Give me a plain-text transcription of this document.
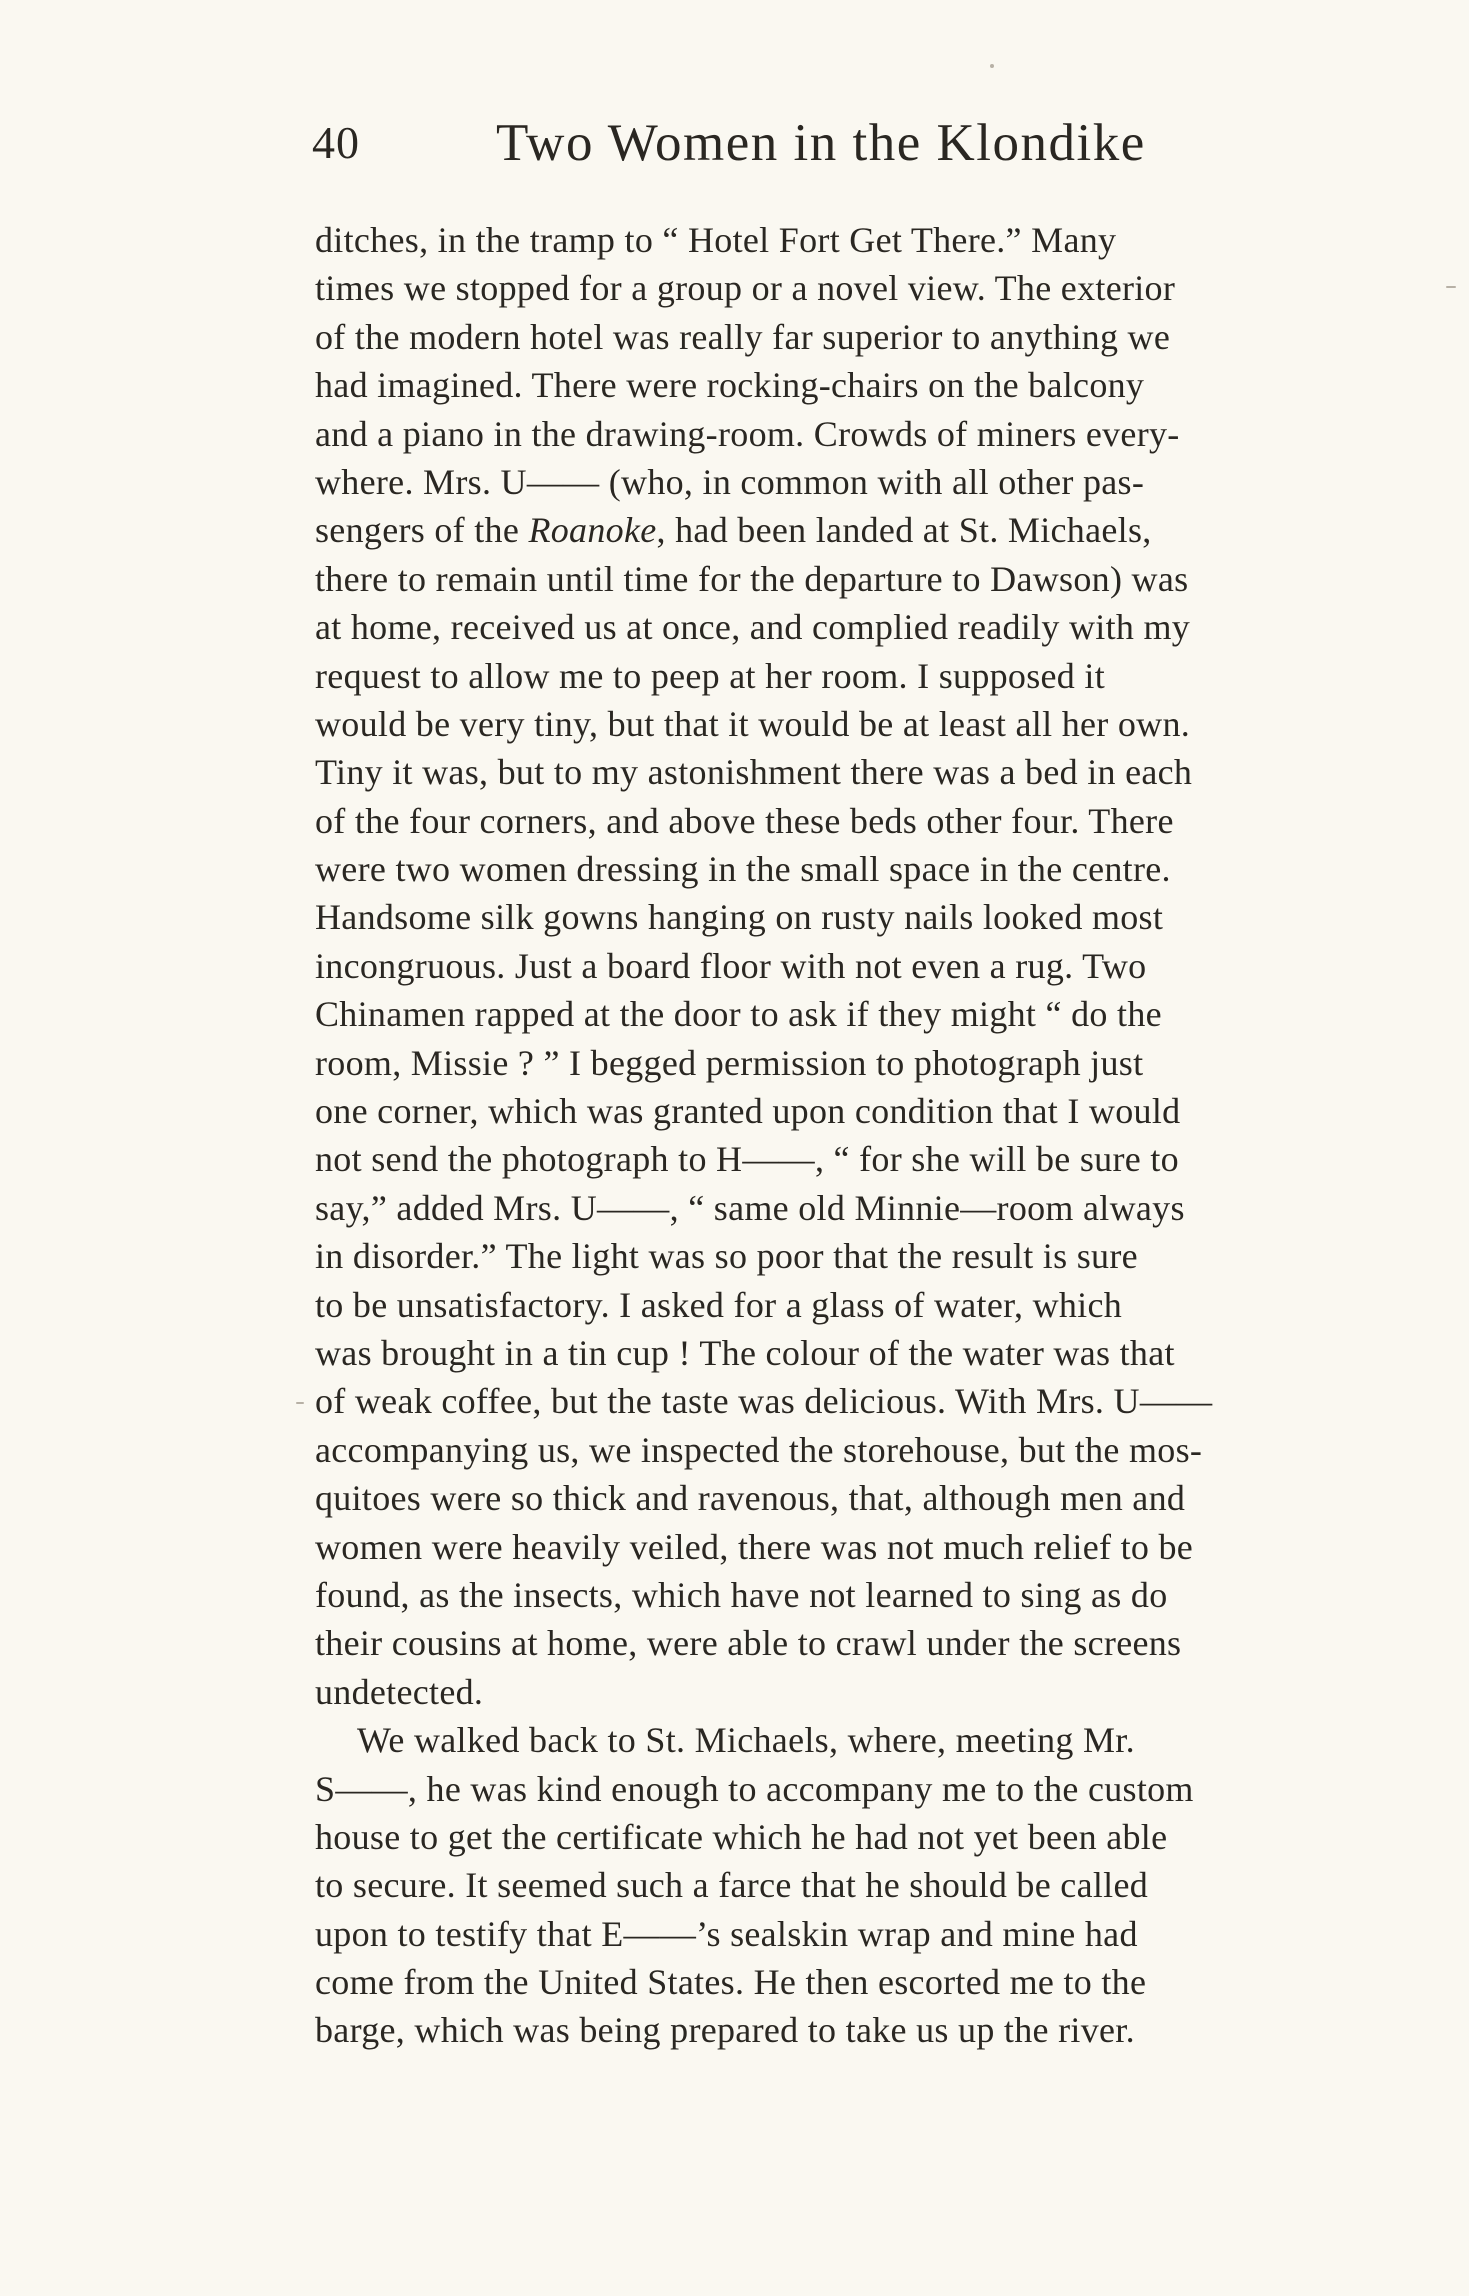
40	Two Women in the Klondike
ditches, in the tramp to “ Hotel Fort Get There.” Many
times we stopped for a group or a novel view. The exterior
of the modern hotel was really far superior to anything we
had imagined. There were rocking-chairs on the balcony
and a piano in the drawing-room. Crowds of miners every-
where. Mrs. U—— (who, in common with all other pas-
sengers of the Roanoke, had been landed at St. Michaels,
there to remain until time for the departure to Dawson) was
at home, received us at once, and complied readily with my
request to allow me to peep at her room. I supposed it
would be very tiny, but that it would be at least all her own.
Tiny it was, but to my astonishment there was a bed in each
of the four corners, and above these beds other four. There
were two women dressing in the small space in the centre.
Handsome silk gowns hanging on rusty nails looked most
incongruous. Just a board floor with not even a rug. Two
Chinamen rapped at the door to ask if they might “ do the
room, Missie ? ” I begged permission to photograph just
one corner, which was granted upon condition that I would
not send the photograph to H——, “ for she will be sure to
say,” added Mrs. U——, “ same old Minnie—room always
in disorder.” The light was so poor that the result is sure
to be unsatisfactory. I asked for a glass of water, which
was brought in a tin cup ! The colour of the water was that
of weak coffee, but the taste was delicious. With Mrs. U——
accompanying us, we inspected the storehouse, but the mos-
quitoes were so thick and ravenous, that, although men and
women were heavily veiled, there was not much relief to be
found, as the insects, which have not learned to sing as do
their cousins at home, were able to crawl under the screens
undetected.
We walked back to St. Michaels, where, meeting Mr.
S——, he was kind enough to accompany me to the custom
house to get the certificate which he had not yet been able
to secure. It seemed such a farce that he should be called
upon to testify that E——’s sealskin wrap and mine had
come from the United States. He then escorted me to the
barge, which was being prepared to take us up the river.
